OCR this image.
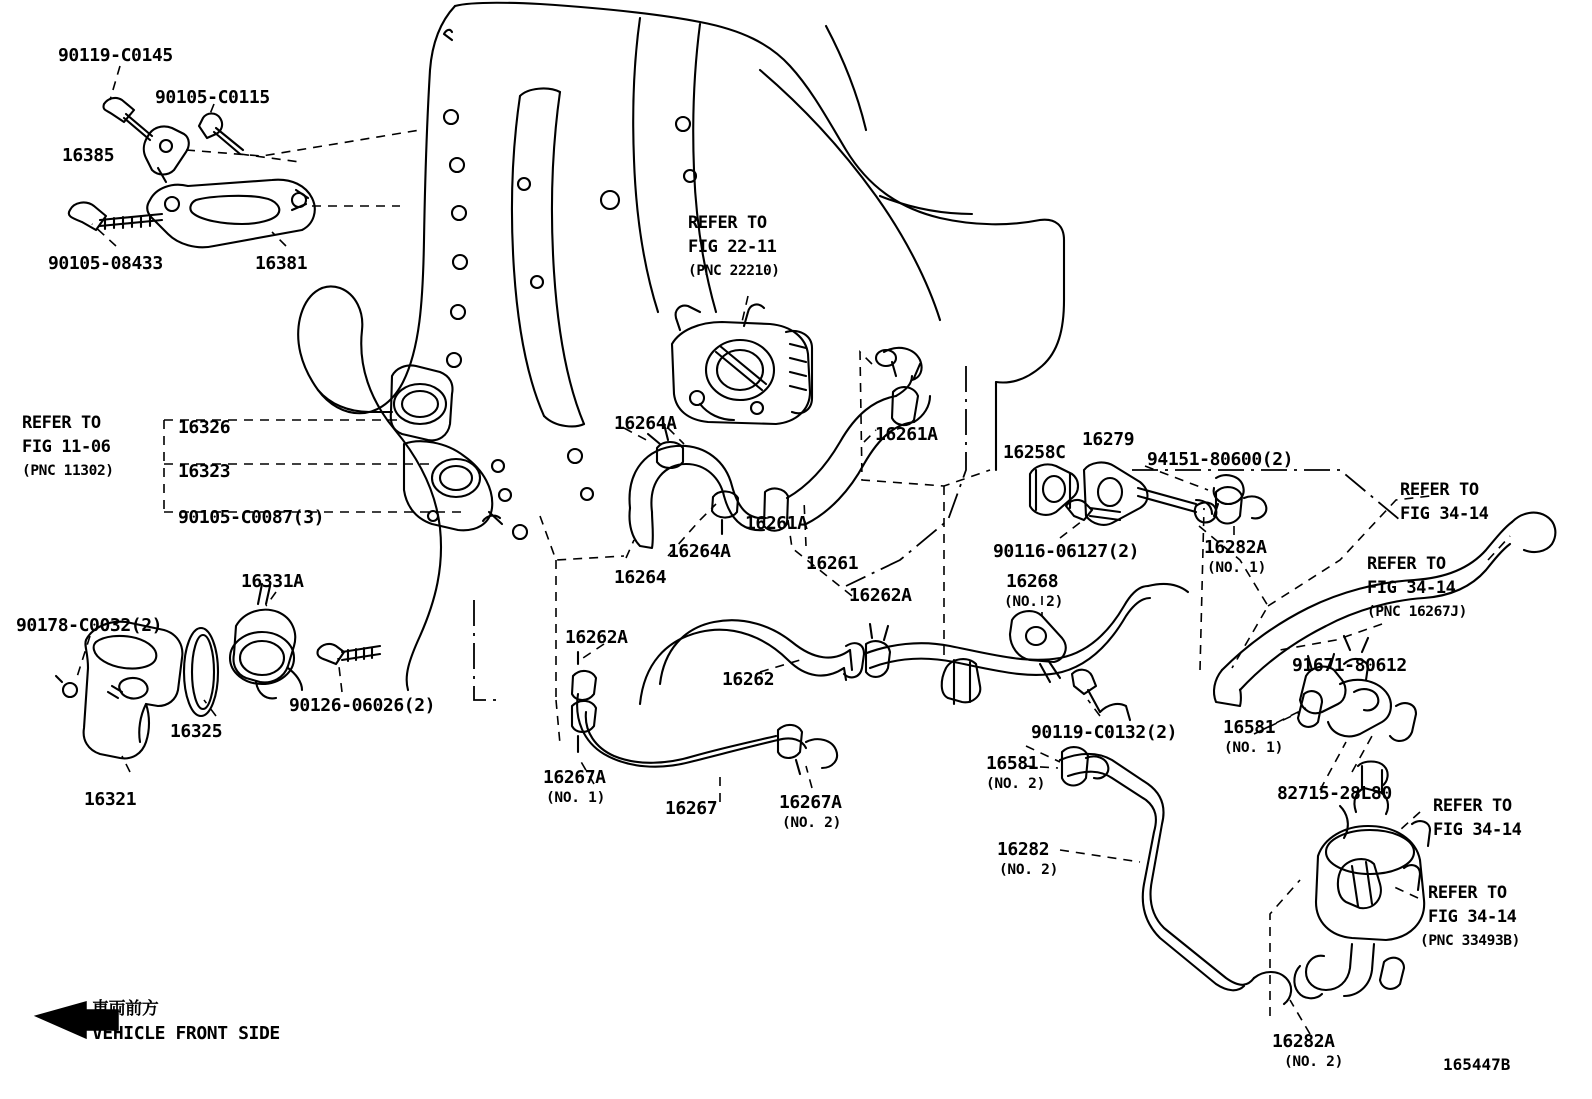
90119-C0145
90105-C0115
16385
90105-08433	16381
REFER TO
FIG 22-11
(PNC 22210)
REFER TO
FIG 11-06
(PNC 11302)
16326
16323
90105-C0087(3)
16264A
16261A
16258C
16279
94151-80600(2)
REFER TO
FIG 34-14
16261A
16264A
16261
16264
90116-06127(2)	16282A
(NO. 1)	REFER TO
FIG 34-14
(PNC 16267J)
16331A
16262A
16268
(NO. 2)
90178-C0032(2)
16262A
91671-80612
16262
90126-06026(2)
16325	90119-C0132(2)	16581
(NO. 1)
16267A
(NO. 1)	16267A
(NO. 2)
16267
16581
(NO. 2)	82715-28L80
16321	REFER TO
FIG 34-14
16282
(NO. 2)
REFER TO
FIG 34-14
(PNC 33493B)
16282A
(NO. 2)
車両前方
VEHICLE FRONT SIDE
165447B
